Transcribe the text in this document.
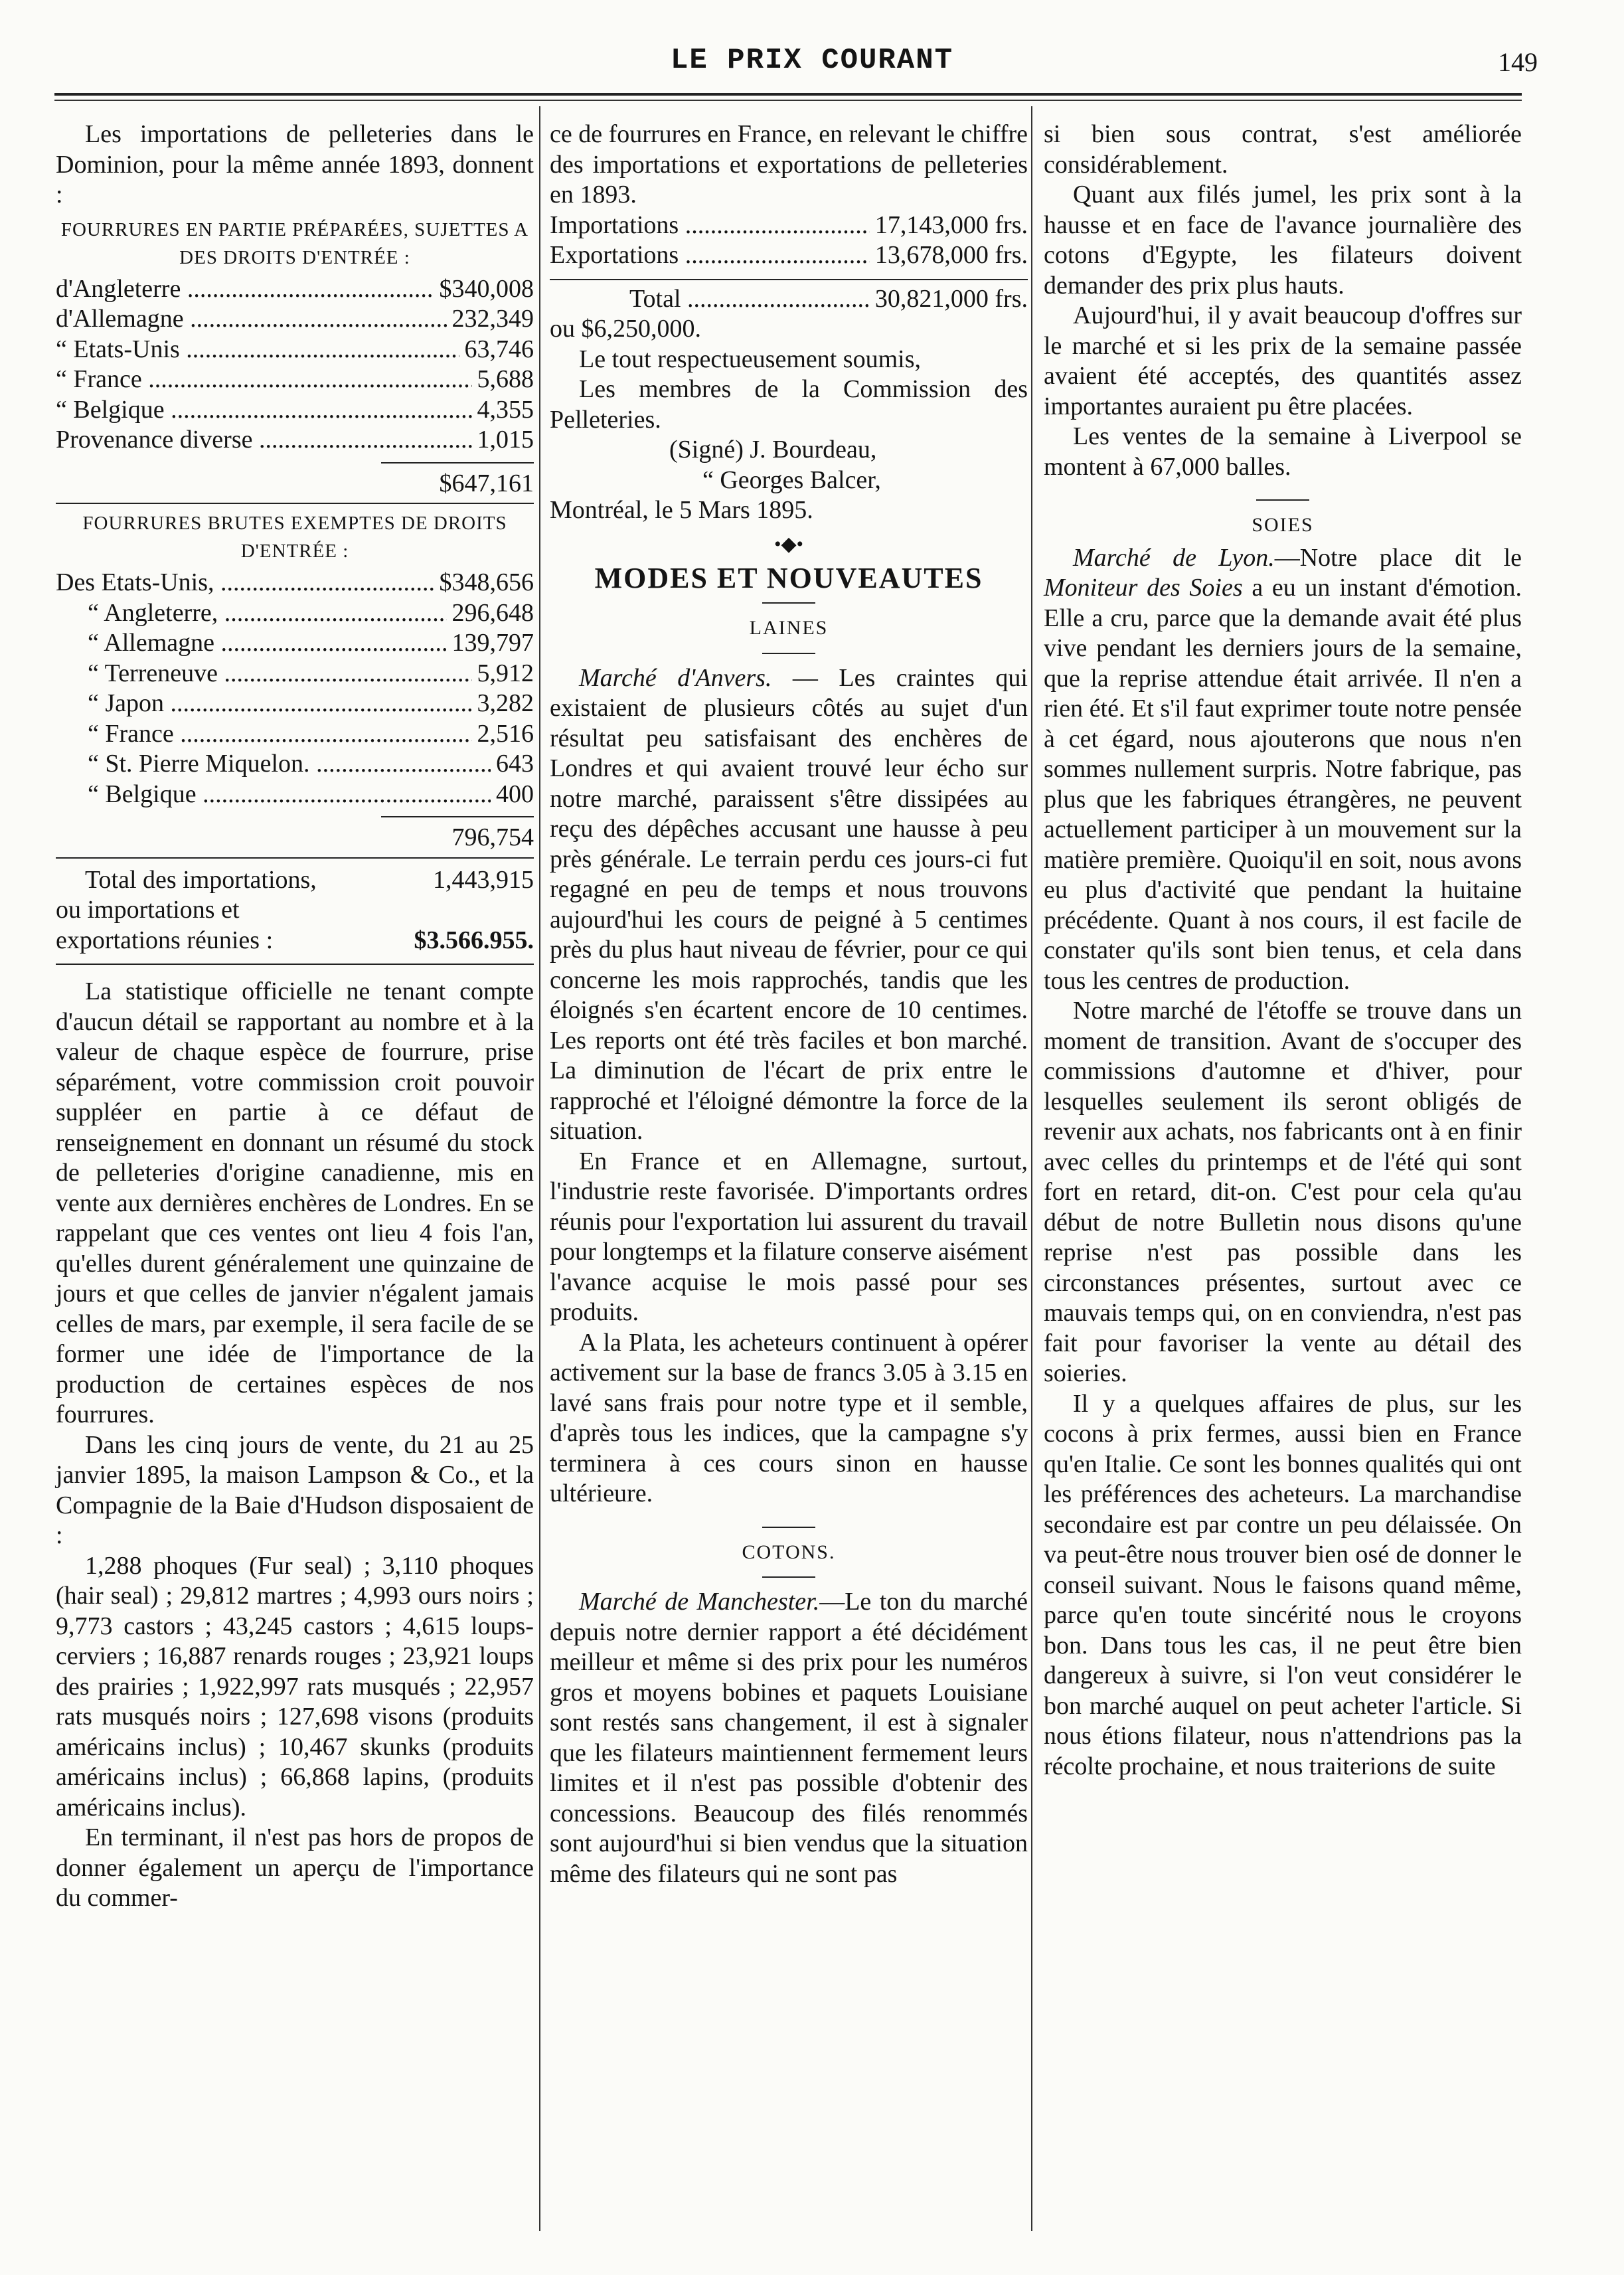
LE PRIX COURANT	149

Les importations de pelleteries dans le Dominion, pour la même année 1893, donnent :

FOURRURES EN PARTIE PRÉPARÉES, SUJETTES A DES DROITS D'ENTRÉE :
d'Angleterre .....	$340,008
d'Allemagne .....	232,349
“ Etats-Unis .....	63,746
“ France .....	5,688
“ Belgique .....	4,355
Provenance diverse .....	1,015
$647,161
FOURRURES BRUTES EXEMPTES DE DROITS D'ENTRÉE :
Des Etats-Unis, .....	$348,656
“ Angleterre, .....	296,648
“ Allemagne .....	139,797
“ Terreneuve .....	5,912
“ Japon .....	3,282
“ France .....	2,516
“ St. Pierre Miquelon. .....	643
“ Belgique .....	400
796,754
Total des importations,	1,443,915
ou importations et exportations réunies :	$3.566.955.

La statistique officielle ne tenant compte d'aucun détail se rapportant au nombre et à la valeur de chaque espèce de fourrure, prise séparément, votre commission croit pouvoir suppléer en partie à ce défaut de renseignement en donnant un résumé du stock de pelleteries d'origine canadienne, mis en vente aux dernières enchères de Londres. En se rappelant que ces ventes ont lieu 4 fois l'an, qu'elles durent généralement une quinzaine de jours et que celles de janvier n'égalent jamais celles de mars, par exemple, il sera facile de se former une idée de l'importance de la production de certaines espèces de nos fourrures.

Dans les cinq jours de vente, du 21 au 25 janvier 1895, la maison Lampson & Co., et la Compagnie de la Baie d'Hudson disposaient de :

1,288 phoques (Fur seal) ; 3,110 phoques (hair seal) ; 29,812 martres ; 4,993 ours noirs ; 9,773 castors ; 43,245 castors ; 4,615 loups-cerviers ; 16,887 renards rouges ; 23,921 loups des prairies ; 1,922,997 rats musqués ; 22,957 rats musqués noirs ; 127,698 visons (produits américains inclus) ; 10,467 skunks (produits américains inclus) ; 66,868 lapins, (produits américains inclus).

En terminant, il n'est pas hors de propos de donner également un aperçu de l'importance du commer-

ce de fourrures en France, en relevant le chiffre des importations et exportations de pelleteries en 1893.

Importations .....	17,143,000 frs.
Exportations .....	13,678,000 frs.
Total .....	30,821,000 frs.

ou $6,250,000.

Le tout respectueusement soumis,

Les membres de la Commission des Pelleteries.

(Signé) J. Bourdeau,
“ Georges Balcer,

Montréal, le 5 Mars 1895.

•◆•
MODES ET NOUVEAUTES
LAINES

Marché d'Anvers. — Les craintes qui existaient de plusieurs côtés au sujet d'un résultat peu satisfaisant des enchères de Londres et qui avaient trouvé leur écho sur notre marché, paraissent s'être dissipées au reçu des dépêches accusant une hausse à peu près générale. Le terrain perdu ces jours-ci fut regagné en peu de temps et nous trouvons aujourd'hui les cours de peigné à 5 centimes près du plus haut niveau de février, pour ce qui concerne les mois rapprochés, tandis que les éloignés s'en écartent encore de 10 centimes. Les reports ont été très faciles et bon marché. La diminution de l'écart de prix entre le rapproché et l'éloigné démontre la force de la situation.

En France et en Allemagne, surtout, l'industrie reste favorisée. D'importants ordres réunis pour l'exportation lui assurent du travail pour longtemps et la filature conserve aisément l'avance acquise le mois passé pour ses produits.

A la Plata, les acheteurs continuent à opérer activement sur la base de francs 3.05 à 3.15 en lavé sans frais pour notre type et il semble, d'après tous les indices, que la campagne s'y terminera à ces cours sinon en hausse ultérieure.

COTONS.

Marché de Manchester.—Le ton du marché depuis notre dernier rapport a été décidément meilleur et même si des prix pour les numéros gros et moyens bobines et paquets Louisiane sont restés sans changement, il est à signaler que les filateurs maintiennent fermement leurs limites et il n'est pas possible d'obtenir des concessions. Beaucoup des filés renommés sont aujourd'hui si bien vendus que la situation même des filateurs qui ne sont pas

si bien sous contrat, s'est améliorée considérablement.

Quant aux filés jumel, les prix sont à la hausse et en face de l'avance journalière des cotons d'Egypte, les filateurs doivent demander des prix plus hauts.

Aujourd'hui, il y avait beaucoup d'offres sur le marché et si les prix de la semaine passée avaient été acceptés, des quantités assez importantes auraient pu être placées.

Les ventes de la semaine à Liverpool se montent à 67,000 balles.

SOIES

Marché de Lyon.—Notre place dit le Moniteur des Soies a eu un instant d'émotion. Elle a cru, parce que la demande avait été plus vive pendant les derniers jours de la semaine, que la reprise attendue était arrivée. Il n'en a rien été. Et s'il faut exprimer toute notre pensée à cet égard, nous ajouterons que nous n'en sommes nullement surpris. Notre fabrique, pas plus que les fabriques étrangères, ne peuvent actuellement participer à un mouvement sur la matière première. Quoiqu'il en soit, nous avons eu plus d'activité que pendant la huitaine précédente. Quant à nos cours, il est facile de constater qu'ils sont bien tenus, et cela dans tous les centres de production.

Notre marché de l'étoffe se trouve dans un moment de transition. Avant de s'occuper des commissions d'automne et d'hiver, pour lesquelles seulement ils seront obligés de revenir aux achats, nos fabricants ont à en finir avec celles du printemps et de l'été qui sont fort en retard, dit-on. C'est pour cela qu'au début de notre Bulletin nous disons qu'une reprise n'est pas possible dans les circonstances présentes, surtout avec ce mauvais temps qui, on en conviendra, n'est pas fait pour favoriser la vente au détail des soieries.

Il y a quelques affaires de plus, sur les cocons à prix fermes, aussi bien en France qu'en Italie. Ce sont les bonnes qualités qui ont les préférences des acheteurs. La marchandise secondaire est par contre un peu délaissée. On va peut-être nous trouver bien osé de donner le conseil suivant. Nous le faisons quand même, parce qu'en toute sincérité nous le croyons bon. Dans tous les cas, il ne peut être bien dangereux à suivre, si l'on veut considérer le bon marché auquel on peut acheter l'article. Si nous étions filateur, nous n'attendrions pas la récolte prochaine, et nous traiterions de suite
